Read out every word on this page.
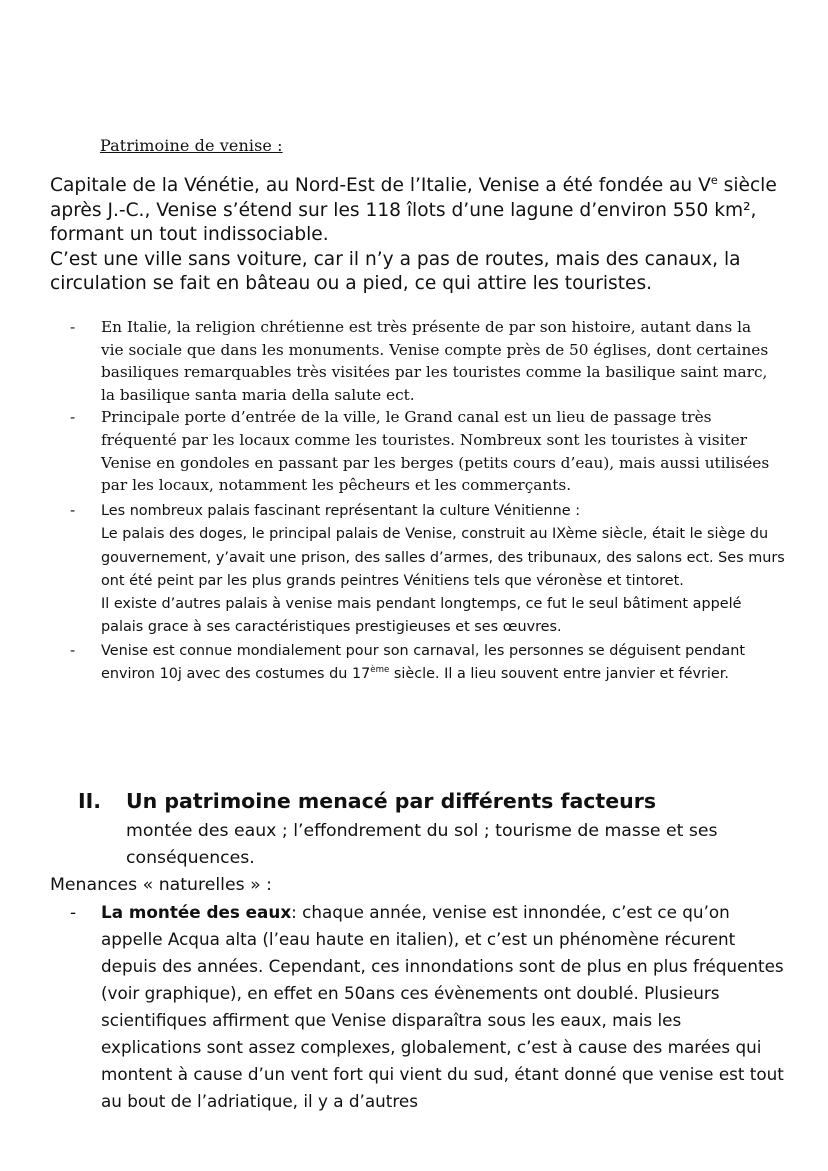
Patrimoine de venise :

Capitale de la Vénétie, au Nord-Est de l’Italie, Venise a été fondée au Ve siècle après J.-C., Venise s’étend sur les 118 îlots d’une lagune d’environ 550 km², formant un tout indissociable.

C’est une ville sans voiture, car il n’y a pas de routes, mais des canaux, la circulation se fait en bâteau ou a pied, ce qui attire les touristes.

- En Italie, la religion chrétienne est très présente de par son histoire, autant dans la vie sociale que dans les monuments. Venise compte près de 50 églises, dont certaines basiliques remarquables très visitées par les touristes comme la basilique saint marc, la basilique santa maria della salute ect.
- Principale porte d’entrée de la ville, le Grand canal est un lieu de passage très fréquenté par les locaux comme les touristes. Nombreux sont les touristes à visiter Venise en gondoles en passant par les berges (petits cours d’eau), mais aussi utilisées par les locaux, notamment les pêcheurs et les commerçants.
- Les nombreux palais fascinant représentant la culture Vénitienne :

Le palais des doges, le principal palais de Venise, construit au IXème siècle, était le siège du gouvernement, y’avait une prison, des salles d’armes, des tribunaux, des salons ect. Ses murs ont été peint par les plus grands peintres Vénitiens tels que véronèse et tintoret.

Il existe d’autres palais à venise mais pendant longtemps, ce fut le seul bâtiment appelé palais grace à ses caractéristiques prestigieuses et ses œuvres.

- Venise est connue mondialement pour son carnaval, les personnes se déguisent pendant environ 10j avec des costumes du 17ème siècle. Il a lieu souvent entre janvier et février.
II. Un patrimoine menacé par différents facteurs
montée des eaux ; l’effondrement du sol ; tourisme de masse et ses conséquences.
Menances « naturelles » :
- La montée des eaux: chaque année, venise est innondée, c’est ce qu’on appelle Acqua alta (l’eau haute en italien), et c’est un phénomène récurent depuis des années. Cependant, ces innondations sont de plus en plus fréquentes (voir graphique), en effet en 50ans ces évènements ont doublé. Plusieurs scientifiques affirment que Venise disparaîtra sous les eaux, mais les explications sont assez complexes, globalement, c’est à cause des marées qui montent à cause d’un vent fort qui vient du sud, étant donné que venise est tout au bout de l’adriatique, il y a d’autres
